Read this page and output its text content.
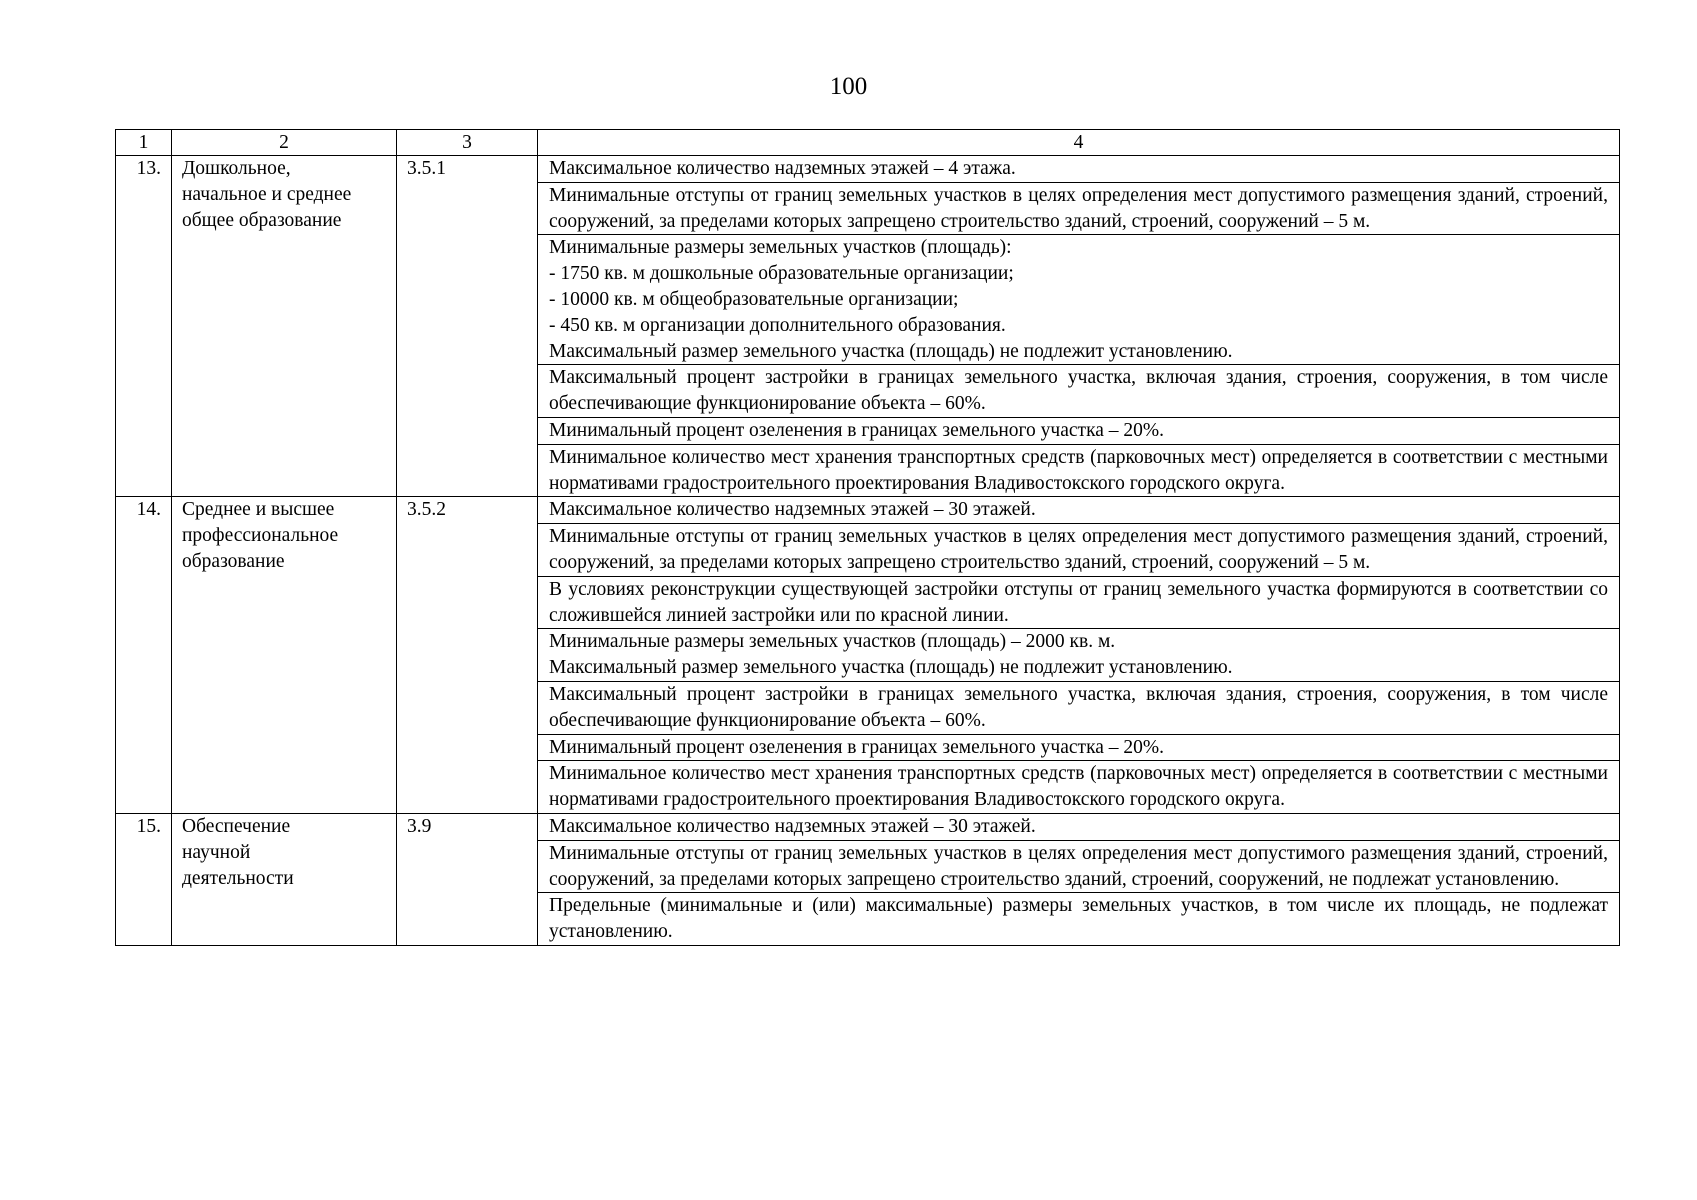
100
1	2	3	4
13.	Дошкольное,
начальное и среднее
общее образование	3.5.1	Максимальное количество надземных этажей – 4 этажа.
			Минимальные отступы от границ земельных участков в целях определения мест допустимого размещения зданий, строений, сооружений, за пределами которых запрещено строительство зданий, строений, сооружений – 5 м.

			Минимальные размеры земельных участков (площадь):
- 1750 кв. м дошкольные образовательные организации;
- 10000 кв. м общеобразовательные организации;
- 450 кв. м организации дополнительного образования.
Максимальный размер земельного участка (площадь) не подлежит установлению.

			Максимальный процент застройки в границах земельного участка, включая здания, строения, сооружения, в том числе обеспечивающие функционирование объекта – 60%.
			Минимальный процент озеленения в границах земельного участка – 20%.
			Минимальное количество мест хранения транспортных средств (парковочных мест) определяется в соответствии с местными нормативами градостроительного проектирования Владивостокского городского округа.
14.	Среднее и высшее
профессиональное
образование	3.5.2	Максимальное количество надземных этажей – 30 этажей.
			Минимальные отступы от границ земельных участков в целях определения мест допустимого размещения зданий, строений, сооружений, за пределами которых запрещено строительство зданий, строений, сооружений – 5 м.
			В условиях реконструкции существующей застройки отступы от границ земельного участка формируются в соответствии со сложившейся линией застройки или по красной линии.

			Минимальные размеры земельных участков (площадь) – 2000 кв. м.
Максимальный размер земельного участка (площадь) не подлежит установлению.

			Максимальный процент застройки в границах земельного участка, включая здания, строения, сооружения, в том числе обеспечивающие функционирование объекта – 60%.
			Минимальный процент озеленения в границах земельного участка – 20%.
			Минимальное количество мест хранения транспортных средств (парковочных мест) определяется в соответствии с местными нормативами градостроительного проектирования Владивостокского городского округа.
15.	Обеспечение
научной
деятельности	3.9	Максимальное количество надземных этажей – 30 этажей.
			Минимальные отступы от границ земельных участков в целях определения мест допустимого размещения зданий, строений, сооружений, за пределами которых запрещено строительство зданий, строений, сооружений, не подлежат установлению.
			Предельные (минимальные и (или) максимальные) размеры земельных участков, в том числе их площадь, не подлежат установлению.
